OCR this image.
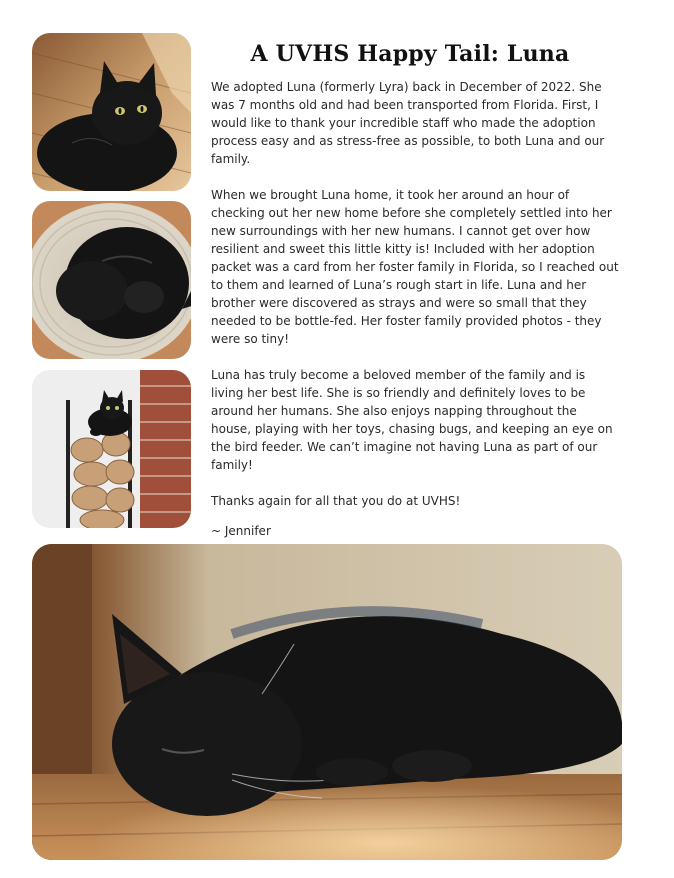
A UVHS Happy Tail: Luna

We adopted Luna (formerly Lyra) back in December of 2022. She was 7 months old and had been transported from Florida. First, I would like to thank your incredible staff who made the adoption process easy and as stress-free as possible, to both Luna and our family.

When we brought Luna home, it took her around an hour of checking out her new home before she completely settled into her new surroundings with her new humans. I cannot get over how resilient and sweet this little kitty is! Included with her adoption packet was a card from her foster family in Florida, so I reached out to them and learned of Luna’s rough start in life. Luna and her brother were discovered as strays and were so small that they needed to be bottle-fed. Her foster family provided photos - they were so tiny!

Luna has truly become a beloved member of the family and is living her best life. She is so friendly and definitely loves to be around her humans. She also enjoys napping throughout the house, playing with her toys, chasing bugs, and keeping an eye on the bird feeder. We can’t imagine not having Luna as part of our family!

Thanks again for all that you do at UVHS!

~ Jennifer
